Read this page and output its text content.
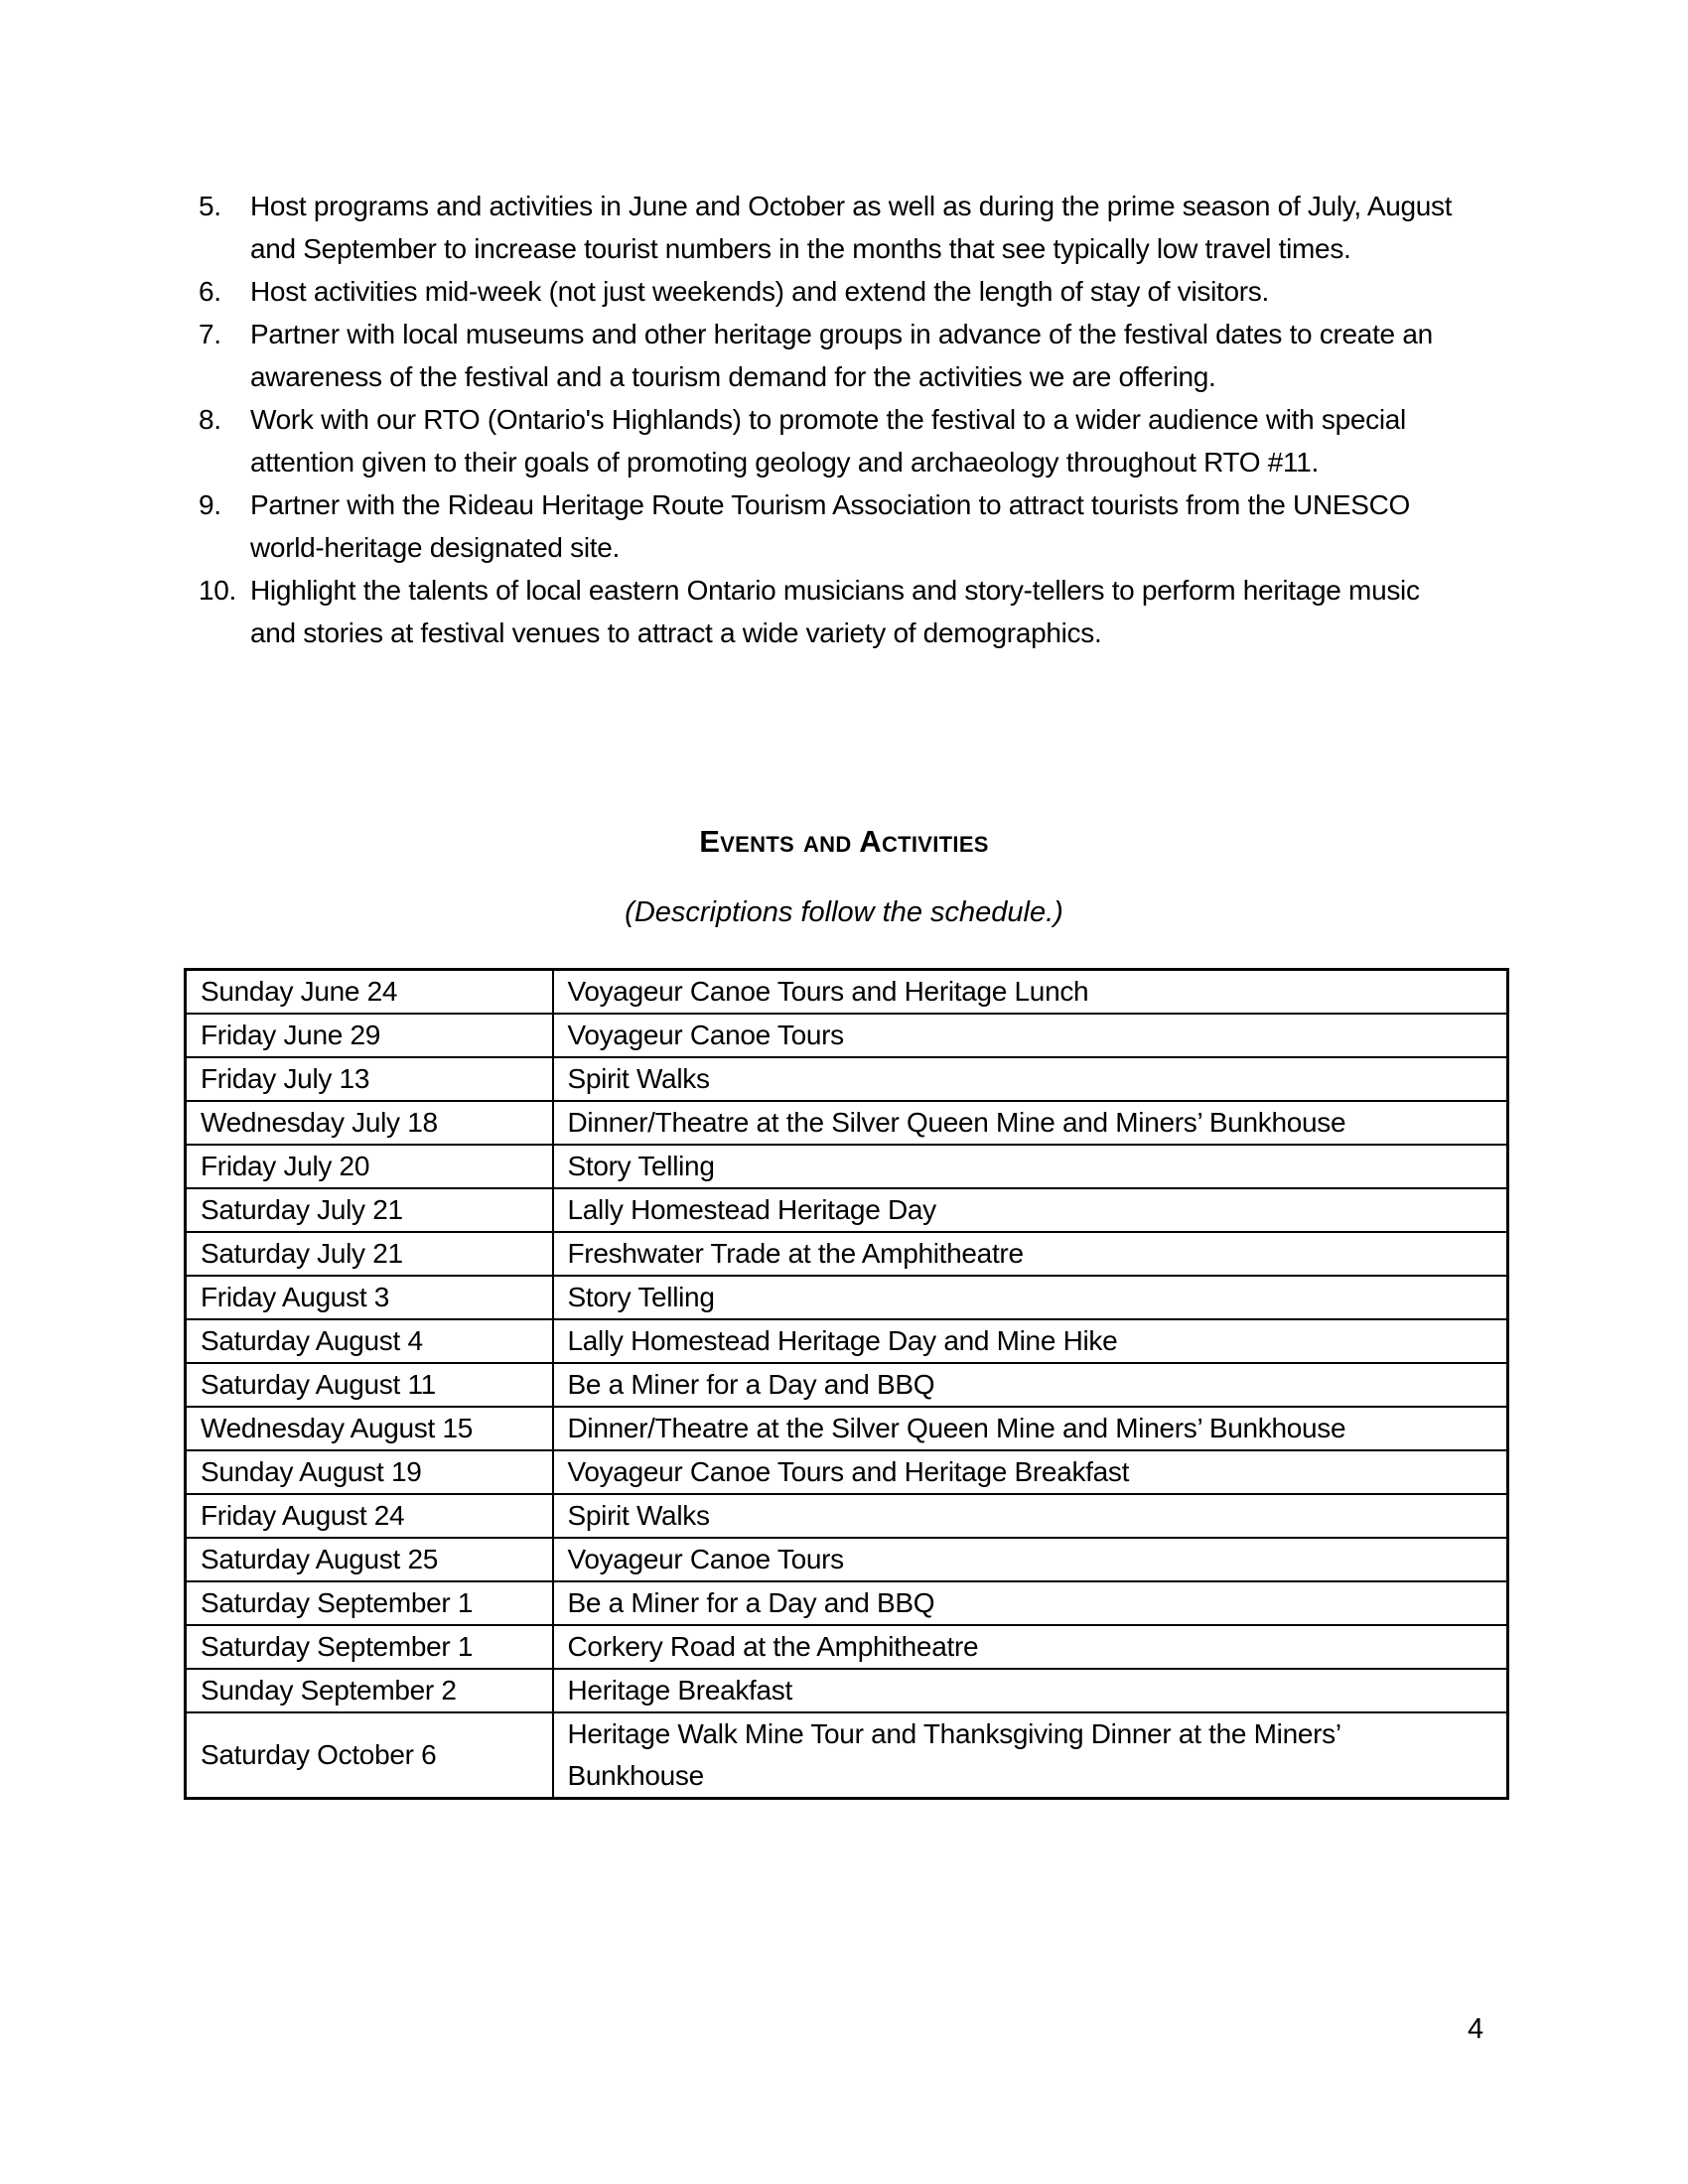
5. Host programs and activities in June and October as well as during the prime season of July, August and September to increase tourist numbers in the months that see typically low travel times.
6. Host activities mid-week (not just weekends) and extend the length of stay of visitors.
7. Partner with local museums and other heritage groups in advance of the festival dates to create an awareness of the festival and a tourism demand for the activities we are offering.
8. Work with our RTO (Ontario's Highlands) to promote the festival to a wider audience with special attention given to their goals of promoting geology and archaeology throughout RTO #11.
9. Partner with the Rideau Heritage Route Tourism Association to attract tourists from the UNESCO world-heritage designated site.
10. Highlight the talents of local eastern Ontario musicians and story-tellers to perform heritage music and stories at festival venues to attract a wide variety of demographics.
Events and Activities
(Descriptions follow the schedule.)
Sunday June 24	Voyageur Canoe Tours and Heritage Lunch
Friday June 29	Voyageur Canoe Tours
Friday July 13	Spirit Walks
Wednesday July 18	Dinner/Theatre at the Silver Queen Mine and Miners’ Bunkhouse
Friday July 20	Story Telling
Saturday July 21	Lally Homestead Heritage Day
Saturday July 21	Freshwater Trade at the Amphitheatre
Friday August 3	Story Telling
Saturday August 4	Lally Homestead Heritage Day and Mine Hike
Saturday August 11	Be a Miner for a Day and BBQ
Wednesday August 15	Dinner/Theatre at the Silver Queen Mine and Miners’ Bunkhouse
Sunday August 19	Voyageur Canoe Tours and Heritage Breakfast
Friday August 24	Spirit Walks
Saturday August 25	Voyageur Canoe Tours
Saturday September 1	Be a Miner for a Day and BBQ
Saturday September 1	Corkery Road at the Amphitheatre
Sunday September 2	Heritage Breakfast
Saturday October 6	Heritage Walk Mine Tour and Thanksgiving Dinner at the Miners’ Bunkhouse
4
